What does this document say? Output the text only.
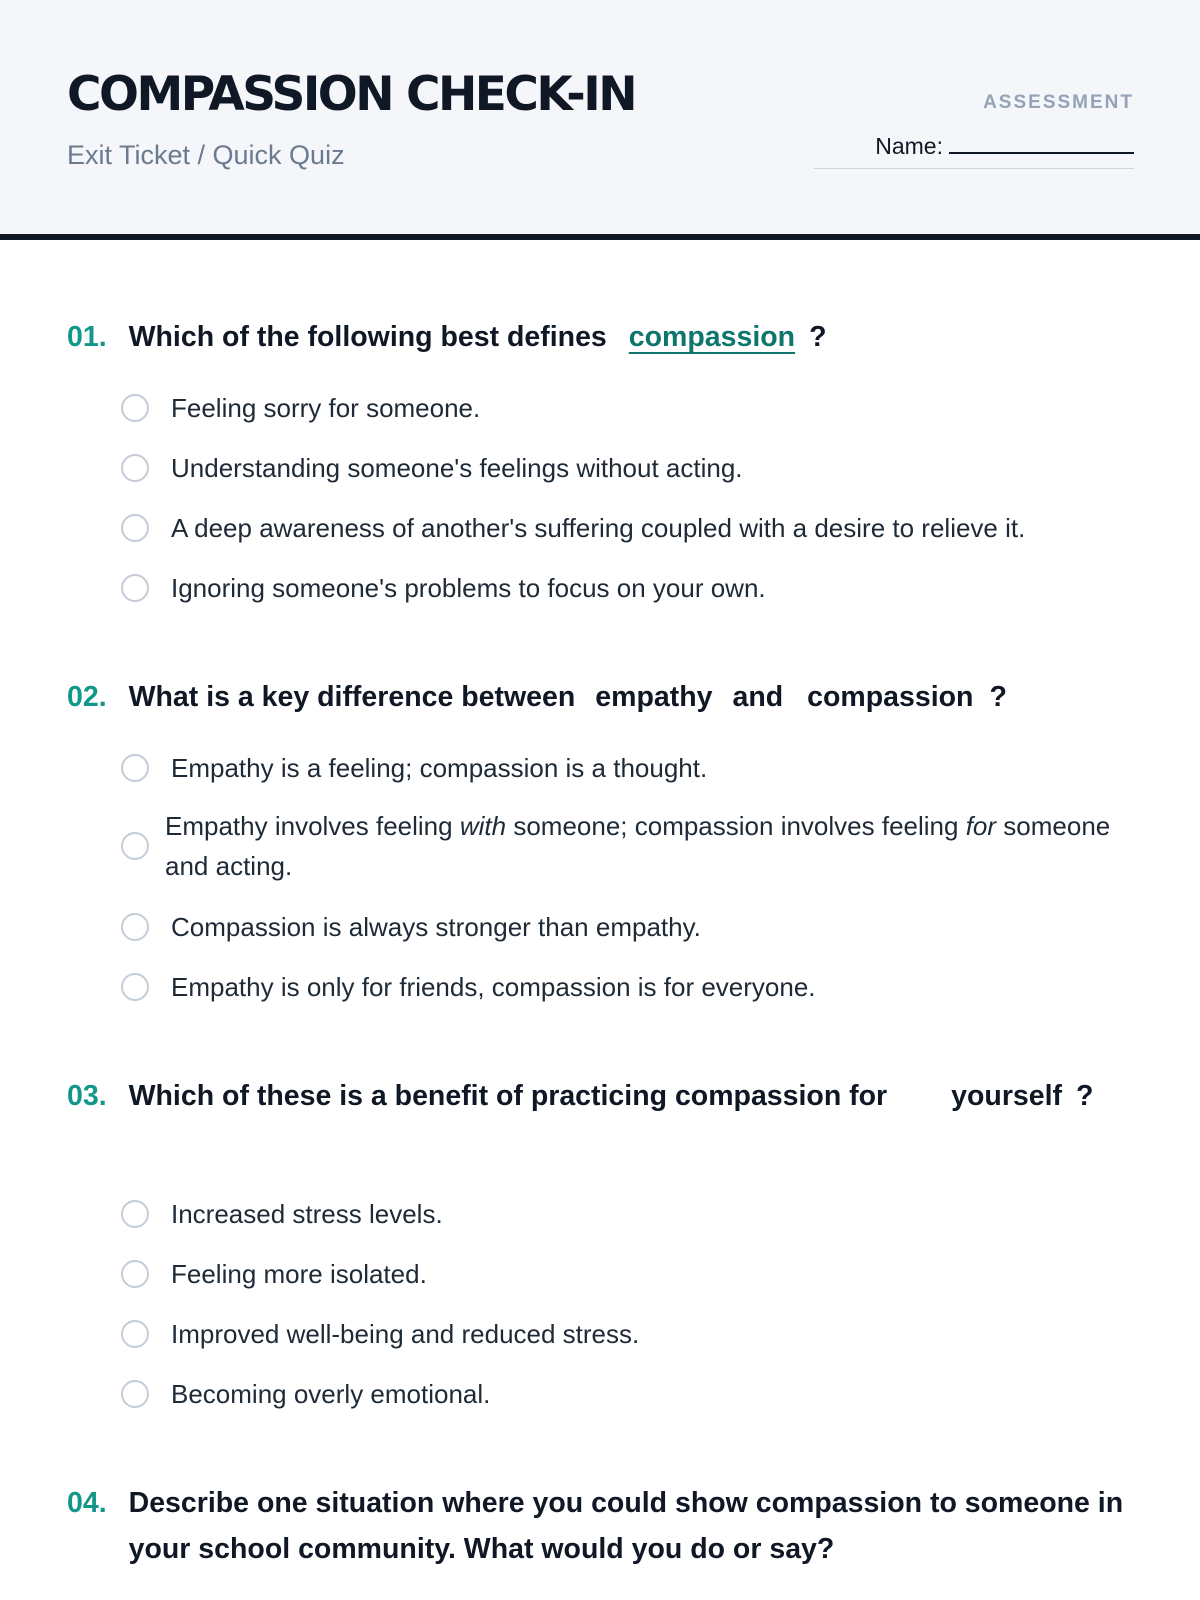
COMPASSION CHECK-IN
Exit Ticket / Quick Quiz
ASSESSMENT
Name:
01. Which of the following best defines compassion ?
Feeling sorry for someone.
Understanding someone's feelings without acting.
A deep awareness of another's suffering coupled with a desire to relieve it.
Ignoring someone's problems to focus on your own.
02. What is a key difference between empathy and compassion ?
Empathy is a feeling; compassion is a thought.
Empathy involves feeling with someone; compassion involves feeling for someone and acting.
Compassion is always stronger than empathy.
Empathy is only for friends, compassion is for everyone.
03. Which of these is a benefit of practicing compassion for yourself ?
Increased stress levels.
Feeling more isolated.
Improved well-being and reduced stress.
Becoming overly emotional.
04. Describe one situation where you could show compassion to someone in your school community. What would you do or say?
